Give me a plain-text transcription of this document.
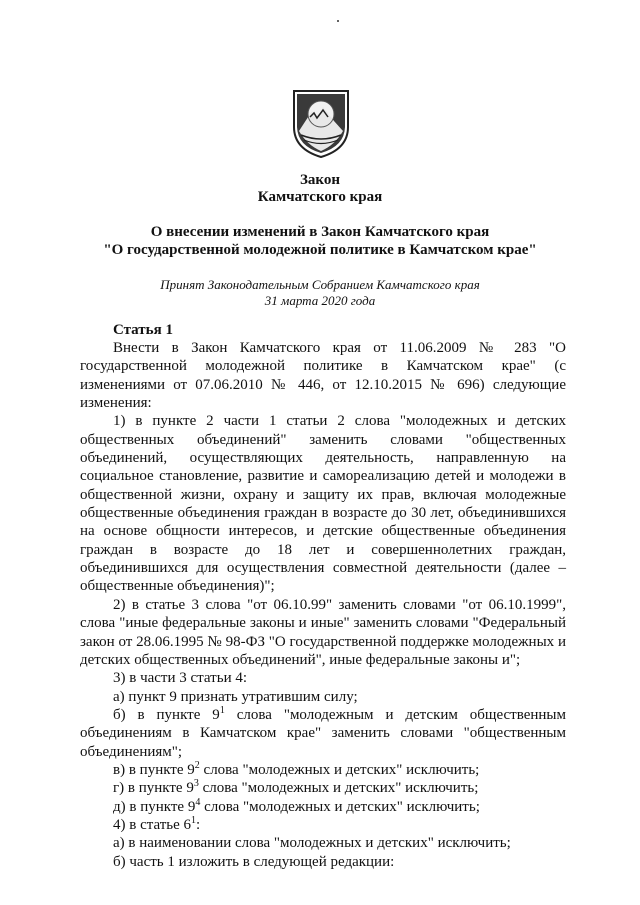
Закон
Камчатского края
О внесении изменений в Закон Камчатского края
"О государственной молодежной политике в Камчатском крае"
Принят Законодательным Собранием Камчатского края
31 марта 2020 года
Статья 1

Внести в Закон Камчатского края от 11.06.2009 № 283 "О государственной молодежной политике в Камчатском крае" (с изменениями от 07.06.2010 № 446, от 12.10.2015 № 696) следующие изменения:

1) в пункте 2 части 1 статьи 2 слова "молодежных и детских общественных объединений" заменить словами "общественных объединений, осуществляющих деятельность, направленную на социальное становление, развитие и самореализацию детей и молодежи в общественной жизни, охрану и защиту их прав, включая молодежные общественные объединения граждан в возрасте до 30 лет, объединившихся на основе общности интересов, и детские общественные объединения граждан в возрасте до 18 лет и совершеннолетних граждан, объединившихся для осуществления совместной деятельности (далее – общественные объединения)";

2) в статье 3 слова "от 06.10.99" заменить словами "от 06.10.1999", слова "иные федеральные законы и иные" заменить словами "Федеральный закон от 28.06.1995 № 98-ФЗ "О государственной поддержке молодежных и детских общественных объединений", иные федеральные законы и";

3) в части 3 статьи 4:

а) пункт 9 признать утратившим силу;

б) в пункте $9^1$ слова "молодежным и детским общественным объединениям в Камчатском крае" заменить словами "общественным объединениям";

в) в пункте $9^2$ слова "молодежных и детских" исключить;

г) в пункте $9^3$ слова "молодежных и детских" исключить;

д) в пункте $9^4$ слова "молодежных и детских" исключить;

4) в статье $6^1$:

а) в наименовании слова "молодежных и детских" исключить;

б) часть 1 изложить в следующей редакции:
